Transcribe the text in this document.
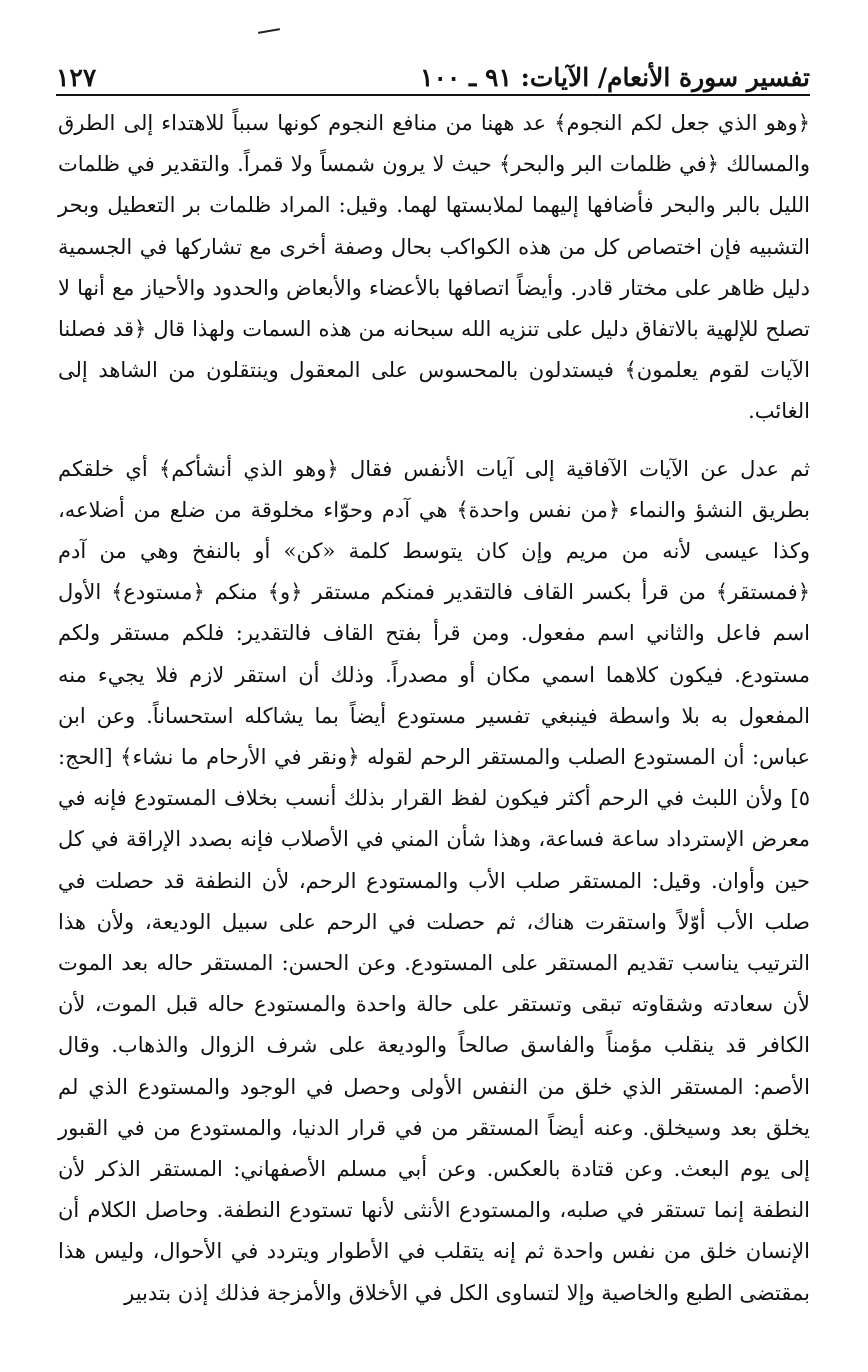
تفسير سورة الأنعام/ الآيات: ٩١ ـ ١٠٠
١٢٧

﴿وهو الذي جعل لكم النجوم﴾ عد ههنا من منافع النجوم كونها سبباً للاهتداء إلى الطرق والمسالك ﴿في ظلمات البر والبحر﴾ حيث لا يرون شمساً ولا قمراً. والتقدير في ظلمات الليل بالبر والبحر فأضافها إليهما لملابستها لهما. وقيل: المراد ظلمات بر التعطيل وبحر التشبيه فإن اختصاص كل من هذه الكواكب بحال وصفة أخرى مع تشاركها في الجسمية دليل ظاهر على مختار قادر. وأيضاً اتصافها بالأعضاء والأبعاض والحدود والأحياز مع أنها لا تصلح للإلهية بالاتفاق دليل على تنزيه الله سبحانه من هذه السمات ولهذا قال ﴿قد فصلنا الآيات لقوم يعلمون﴾ فيستدلون بالمحسوس على المعقول وينتقلون من الشاهد إلى الغائب.

ثم عدل عن الآيات الآفاقية إلى آيات الأنفس فقال ﴿وهو الذي أنشأكم﴾ أي خلقكم بطريق النشؤ والنماء ﴿من نفس واحدة﴾ هي آدم وحوّاء مخلوقة من ضلع من أضلاعه، وكذا عيسى لأنه من مريم وإن كان يتوسط كلمة «كن» أو بالنفخ وهي من آدم ﴿فمستقر﴾ من قرأ بكسر القاف فالتقدير فمنكم مستقر ﴿و﴾ منكم ﴿مستودع﴾ الأول اسم فاعل والثاني اسم مفعول. ومن قرأ بفتح القاف فالتقدير: فلكم مستقر ولكم مستودع. فيكون كلاهما اسمي مكان أو مصدراً. وذلك أن استقر لازم فلا يجيء منه المفعول به بلا واسطة فينبغي تفسير مستودع أيضاً بما يشاكله استحساناً. وعن ابن عباس: أن المستودع الصلب والمستقر الرحم لقوله ﴿ونقر في الأرحام ما نشاء﴾ [الحج: ٥] ولأن اللبث في الرحم أكثر فيكون لفظ القرار بذلك أنسب بخلاف المستودع فإنه في معرض الإسترداد ساعة فساعة، وهذا شأن المني في الأصلاب فإنه بصدد الإراقة في كل حين وأوان. وقيل: المستقر صلب الأب والمستودع الرحم، لأن النطفة قد حصلت في صلب الأب أوّلاً واستقرت هناك، ثم حصلت في الرحم على سبيل الوديعة، ولأن هذا الترتيب يناسب تقديم المستقر على المستودع. وعن الحسن: المستقر حاله بعد الموت لأن سعادته وشقاوته تبقى وتستقر على حالة واحدة والمستودع حاله قبل الموت، لأن الكافر قد ينقلب مؤمناً والفاسق صالحاً والوديعة على شرف الزوال والذهاب. وقال الأصم: المستقر الذي خلق من النفس الأولى وحصل في الوجود والمستودع الذي لم يخلق بعد وسيخلق. وعنه أيضاً المستقر من في قرار الدنيا، والمستودع من في القبور إلى يوم البعث. وعن قتادة بالعكس. وعن أبي مسلم الأصفهاني: المستقر الذكر لأن النطفة إنما تستقر في صلبه، والمستودع الأنثى لأنها تستودع النطفة. وحاصل الكلام أن الإنسان خلق من نفس واحدة ثم إنه يتقلب في الأطوار ويتردد في الأحوال، وليس هذا بمقتضى الطبع والخاصية وإلا لتساوى الكل في الأخلاق والأمزجة فذلك إذن بتدبير
